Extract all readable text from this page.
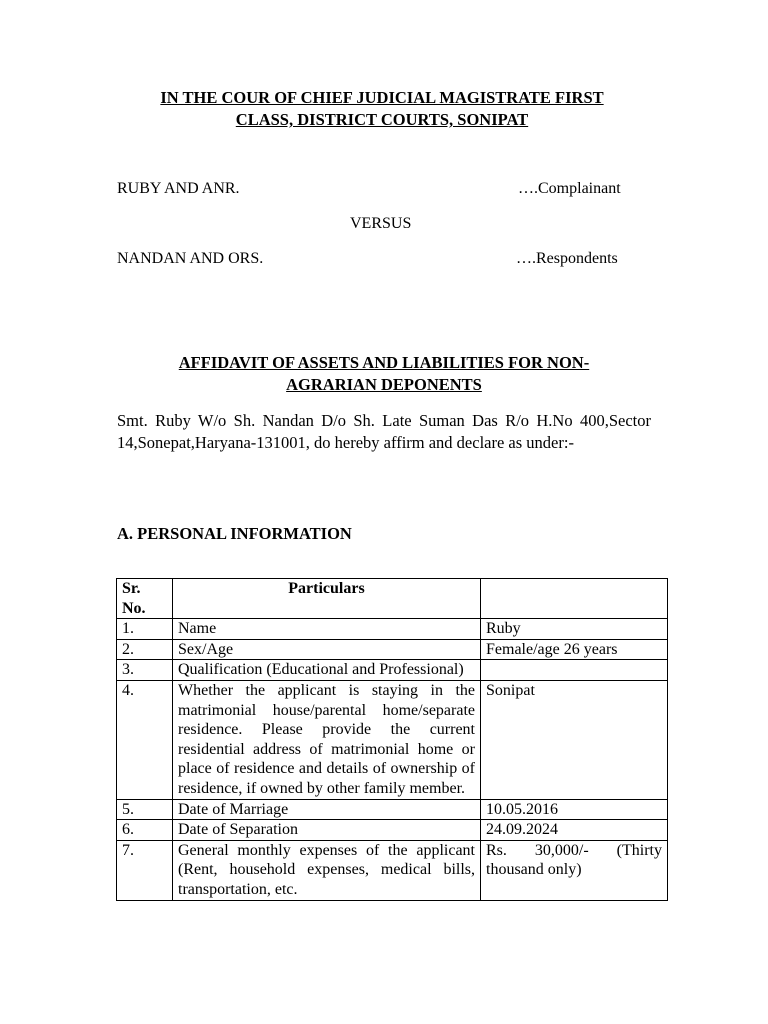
IN THE COUR OF CHIEF JUDICIAL MAGISTRATE FIRST
CLASS, DISTRICT COURTS, SONIPAT
RUBY AND ANR.	….Complainant
VERSUS
NANDAN AND ORS.	….Respondents
AFFIDAVIT OF ASSETS AND LIABILITIES FOR NON-
AGRARIAN DEPONENTS

Smt. Ruby W/o Sh. Nandan D/o Sh. Late Suman Das R/o H.No 400,Sector 14,Sonepat,Haryana-131001, do hereby affirm and declare as under:-

A. PERSONAL INFORMATION
Sr. No.	Particulars	
1.	Name	Ruby
2.	Sex/Age	Female/age 26 years
3.	Qualification (Educational and Professional)	
4.	Whether the applicant is staying in the matrimonial house/parental home/separate residence. Please provide the current residential address of matrimonial home or place of residence and details of ownership of residence, if owned by other family member.	Sonipat
5.	Date of Marriage	10.05.2016
6.	Date of Separation	24.09.2024
7.	General monthly expenses of the applicant (Rent, household expenses, medical bills, transportation, etc.	Rs. 30,000/- (Thirty thousand only)
